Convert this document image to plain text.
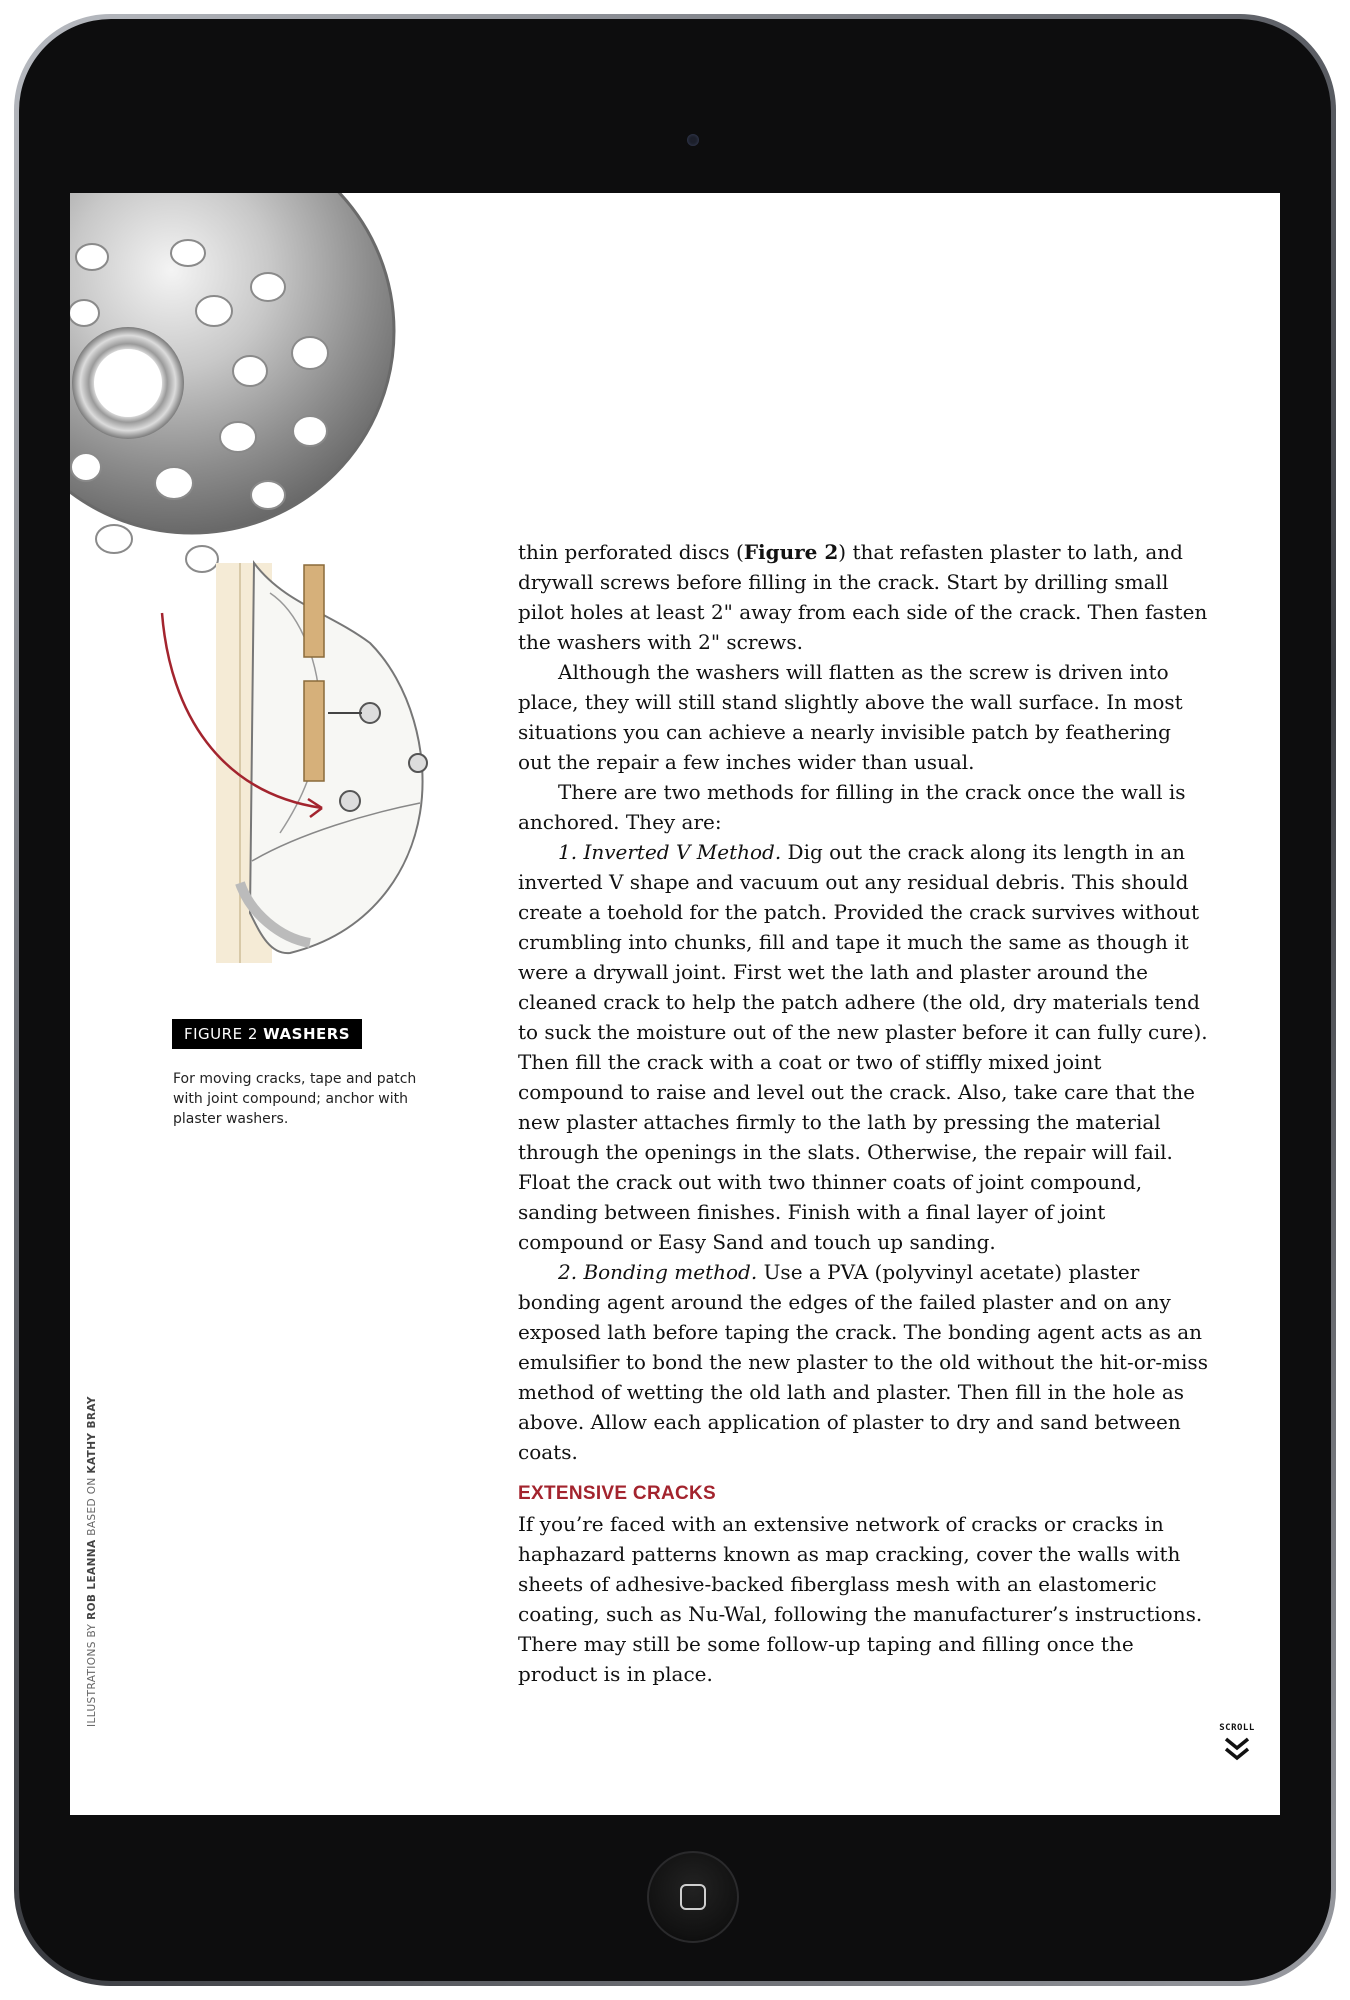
FIGURE 2 WASHERS
For moving cracks, tape and patch with joint compound; anchor with plaster washers.
ILLUSTRATIONS BY ROB LEANNA BASED ON KATHY BRAY

thin perforated discs (Figure 2) that refasten plaster to lath, and drywall screws before filling in the crack. Start by drilling small pilot holes at least 2" away from each side of the crack. Then fasten the washers with 2" screws.

Although the washers will flatten as the screw is driven into place, they will still stand slightly above the wall surface. In most situations you can achieve a nearly invisible patch by feathering out the repair a few inches wider than usual.

There are two methods for filling in the crack once the wall is anchored. They are:

1. Inverted V Method. Dig out the crack along its length in an inverted V shape and vacuum out any residual debris. This should create a toehold for the patch. Provided the crack survives without crumbling into chunks, fill and tape it much the same as though it were a drywall joint. First wet the lath and plaster around the cleaned crack to help the patch adhere (the old, dry materials tend to suck the moisture out of the new plaster before it can fully cure). Then fill the crack with a coat or two of stiffly mixed joint compound to raise and level out the crack. Also, take care that the new plaster attaches firmly to the lath by pressing the material through the openings in the slats. Otherwise, the repair will fail. Float the crack out with two thinner coats of joint compound, sanding between finishes. Finish with a final layer of joint compound or Easy Sand and touch up sanding.

2. Bonding method. Use a PVA (polyvinyl acetate) plaster bonding agent around the edges of the failed plaster and on any exposed lath before taping the crack. The bonding agent acts as an emulsifier to bond the new plaster to the old without the hit-or-miss method of wetting the old lath and plaster. Then fill in the hole as above. Allow each application of plaster to dry and sand between coats.

EXTENSIVE CRACKS

If you’re faced with an extensive network of cracks or cracks in haphazard patterns known as map cracking, cover the walls with sheets of adhesive-backed fiberglass mesh with an elastomeric coating, such as Nu-Wal, following the manufacturer’s instructions. There may still be some follow-up taping and filling once the product is in place.

SCROLL
